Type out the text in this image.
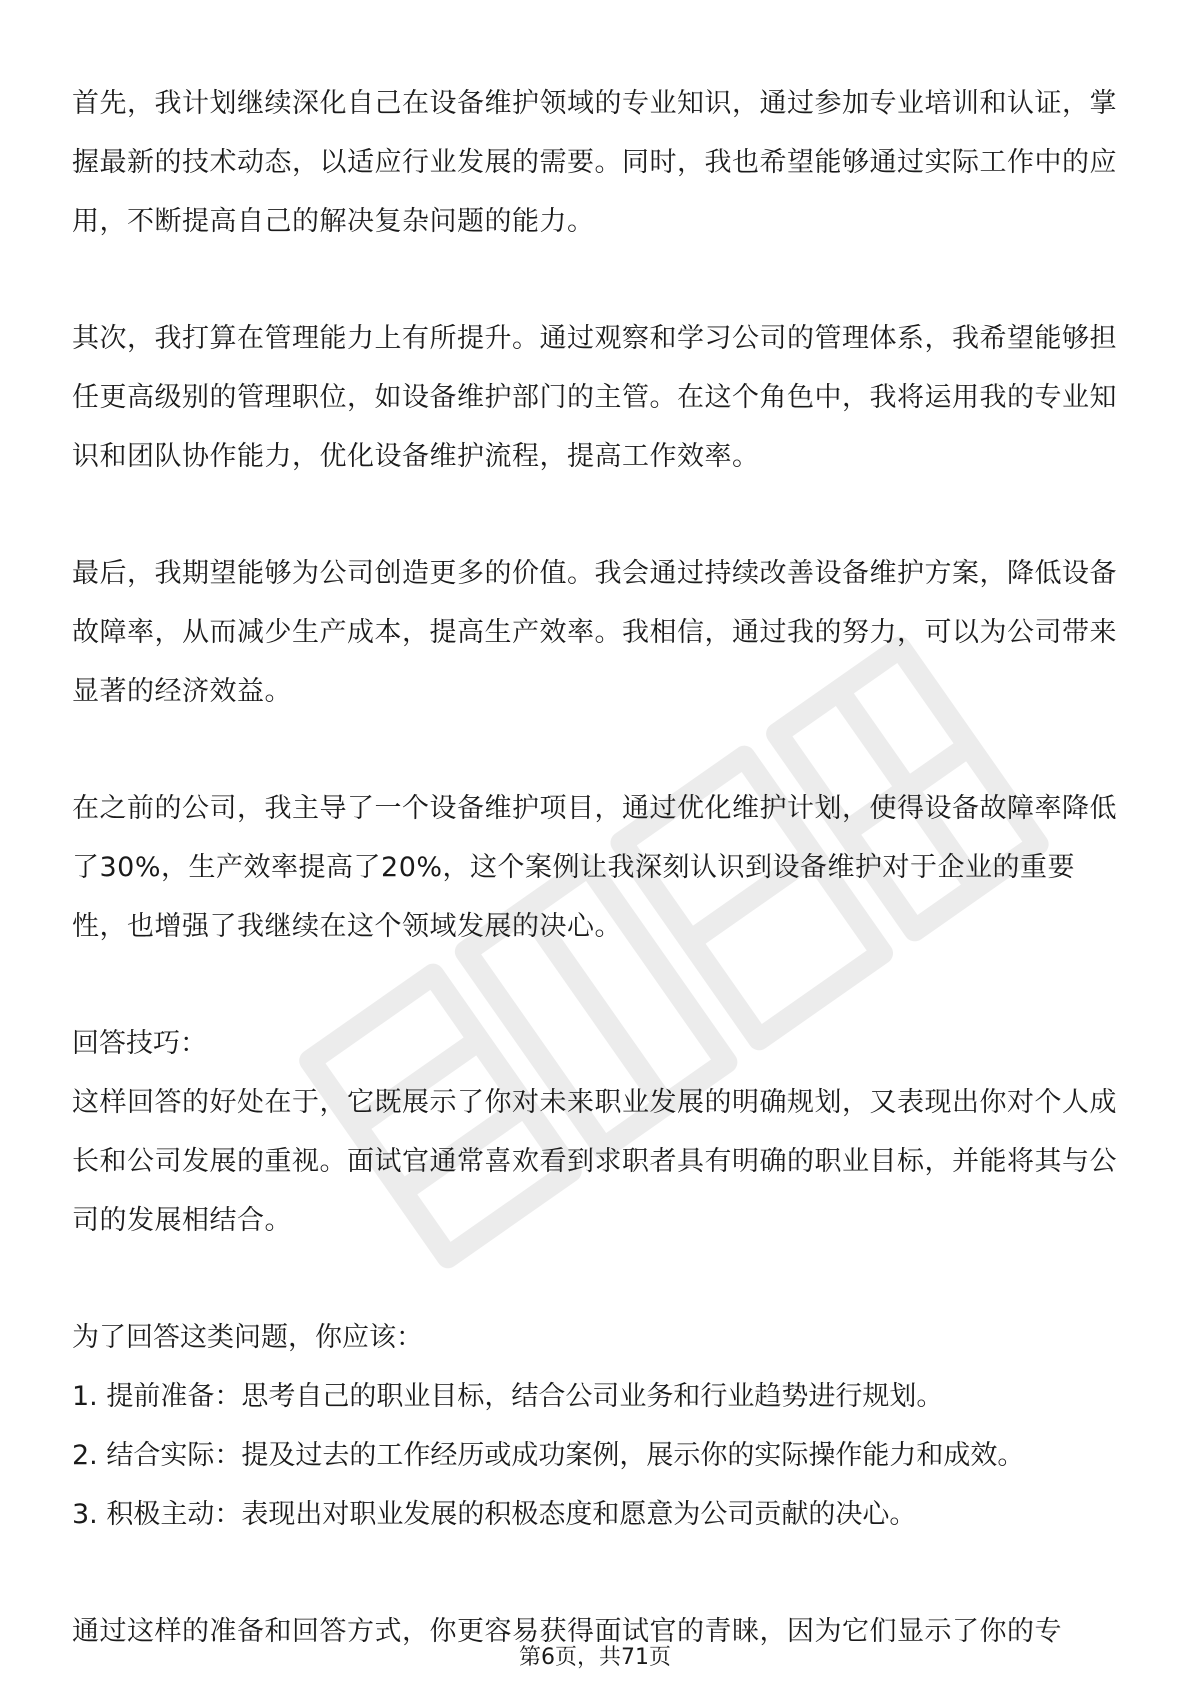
首先，我计划继续深化自己在设备维护领域的专业知识，通过参加专业培训和认证，掌握最新的技术动态，以适应行业发展的需要。同时，我也希望能够通过实际工作中的应用，不断提高自己的解决复杂问题的能力。

其次，我打算在管理能力上有所提升。通过观察和学习公司的管理体系，我希望能够担任更高级别的管理职位，如设备维护部门的主管。在这个角色中，我将运用我的专业知识和团队协作能力，优化设备维护流程，提高工作效率。

最后，我期望能够为公司创造更多的价值。我会通过持续改善设备维护方案，降低设备故障率，从而减少生产成本，提高生产效率。我相信，通过我的努力，可以为公司带来显著的经济效益。

在之前的公司，我主导了一个设备维护项目，通过优化维护计划，使得设备故障率降低了30%，生产效率提高了20%，这个案例让我深刻认识到设备维护对于企业的重要性，也增强了我继续在这个领域发展的决心。

回答技巧：

这样回答的好处在于，它既展示了你对未来职业发展的明确规划，又表现出你对个人成长和公司发展的重视。面试官通常喜欢看到求职者具有明确的职业目标，并能将其与公司的发展相结合。

为了回答这类问题，你应该：

1. 提前准备：思考自己的职业目标，结合公司业务和行业趋势进行规划。

2. 结合实际：提及过去的工作经历或成功案例，展示你的实际操作能力和成效。

3. 积极主动：表现出对职业发展的积极态度和愿意为公司贡献的决心。

通过这样的准备和回答方式，你更容易获得面试官的青睐，因为它们显示了你的专

第6页，共71页
